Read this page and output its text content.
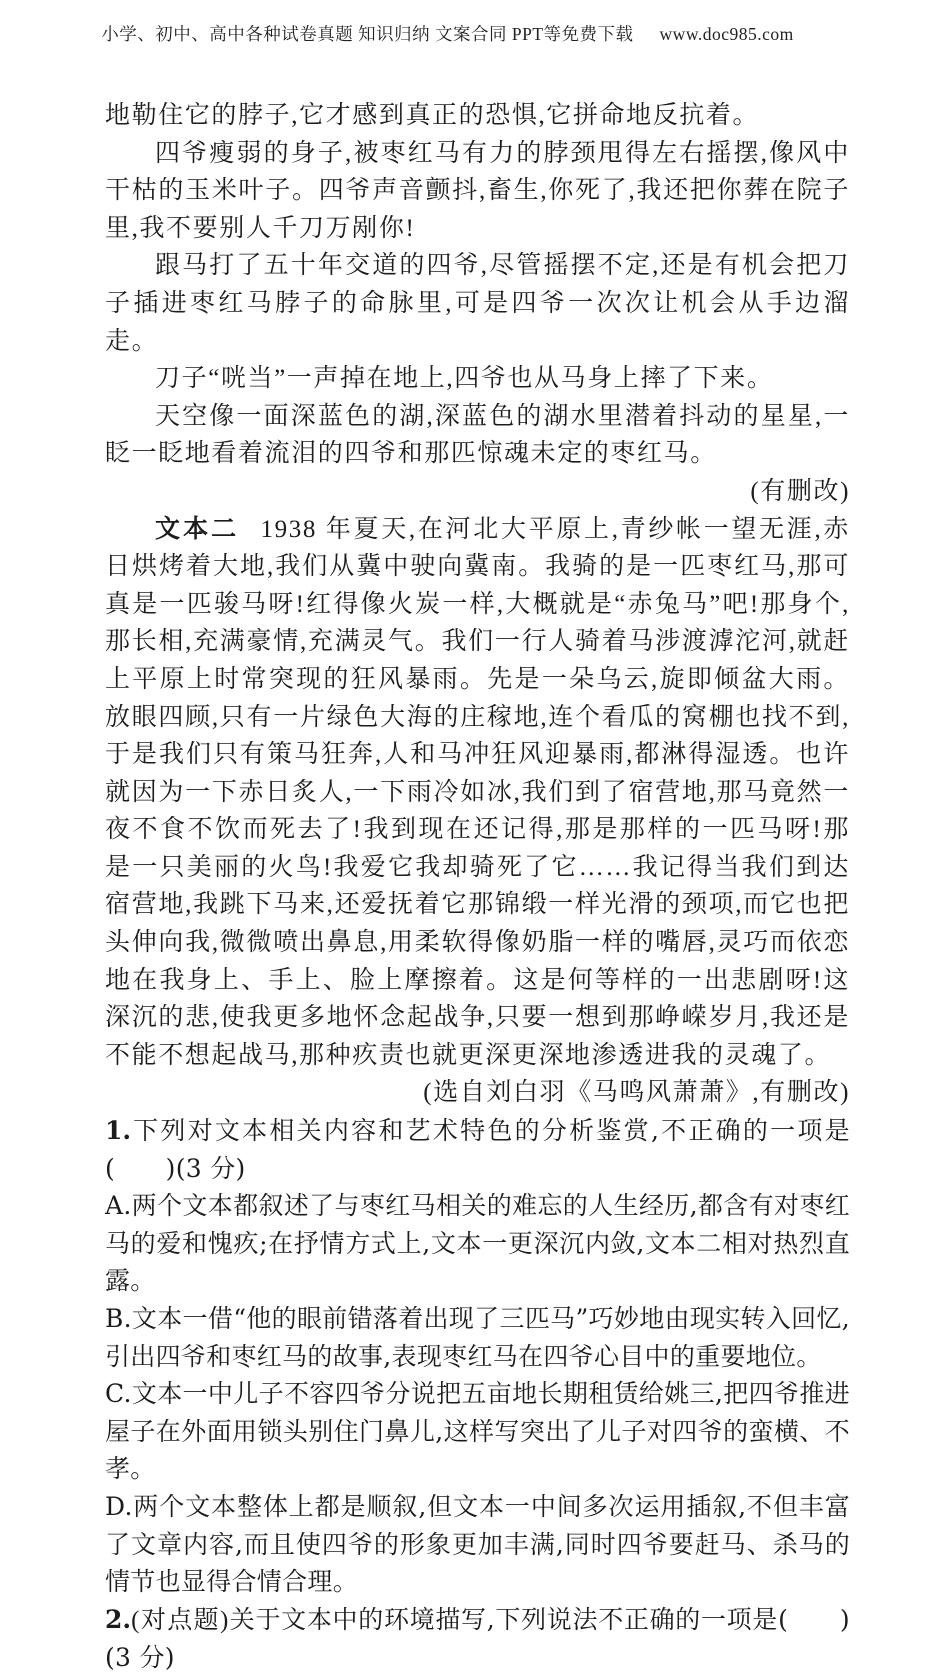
小学、初中、高中各种试卷真题 知识归纳 文案合同 PPT等免费下载 www.doc985.com

地勒住它的脖子,它才感到真正的恐惧,它拼命地反抗着。

四爷瘦弱的身子,被枣红马有力的脖颈甩得左右摇摆,像风中干枯的玉米叶子。四爷声音颤抖,畜生,你死了,我还把你葬在院子里,我不要别人千刀万剐你!

跟马打了五十年交道的四爷,尽管摇摆不定,还是有机会把刀子插进枣红马脖子的命脉里,可是四爷一次次让机会从手边溜走。

刀子“咣当”一声掉在地上,四爷也从马身上摔了下来。

天空像一面深蓝色的湖,深蓝色的湖水里潜着抖动的星星,一眨一眨地看着流泪的四爷和那匹惊魂未定的枣红马。

(有删改)

文本二 1938 年夏天,在河北大平原上,青纱帐一望无涯,赤日烘烤着大地,我们从冀中驶向冀南。我骑的是一匹枣红马,那可真是一匹骏马呀!红得像火炭一样,大概就是“赤兔马”吧!那身个,那长相,充满豪情,充满灵气。我们一行人骑着马涉渡滹沱河,就赶上平原上时常突现的狂风暴雨。先是一朵乌云,旋即倾盆大雨。放眼四顾,只有一片绿色大海的庄稼地,连个看瓜的窝棚也找不到,于是我们只有策马狂奔,人和马冲狂风迎暴雨,都淋得湿透。也许就因为一下赤日炙人,一下雨冷如冰,我们到了宿营地,那马竟然一夜不食不饮而死去了!我到现在还记得,那是那样的一匹马呀!那是一只美丽的火鸟!我爱它我却骑死了它……我记得当我们到达宿营地,我跳下马来,还爱抚着它那锦缎一样光滑的颈项,而它也把头伸向我,微微喷出鼻息,用柔软得像奶脂一样的嘴唇,灵巧而依恋地在我身上、手上、脸上摩擦着。这是何等样的一出悲剧呀!这深沉的悲,使我更多地怀念起战争,只要一想到那峥嵘岁月,我还是不能不想起战马,那种疚责也就更深更深地渗透进我的灵魂了。

(选自刘白羽《马鸣风萧萧》,有删改)

1.下列对文本相关内容和艺术特色的分析鉴赏,不正确的一项是(　　)(3 分)

A.两个文本都叙述了与枣红马相关的难忘的人生经历,都含有对枣红马的爱和愧疚;在抒情方式上,文本一更深沉内敛,文本二相对热烈直露。

B.文本一借“他的眼前错落着出现了三匹马”巧妙地由现实转入回忆,引出四爷和枣红马的故事,表现枣红马在四爷心目中的重要地位。

C.文本一中儿子不容四爷分说把五亩地长期租赁给姚三,把四爷推进屋子在外面用锁头别住门鼻儿,这样写突出了儿子对四爷的蛮横、不孝。

D.两个文本整体上都是顺叙,但文本一中间多次运用插叙,不但丰富了文章内容,而且使四爷的形象更加丰满,同时四爷要赶马、杀马的情节也显得合情合理。

2.(对点题)关于文本中的环境描写,下列说法不正确的一项是(　　)(3 分)
